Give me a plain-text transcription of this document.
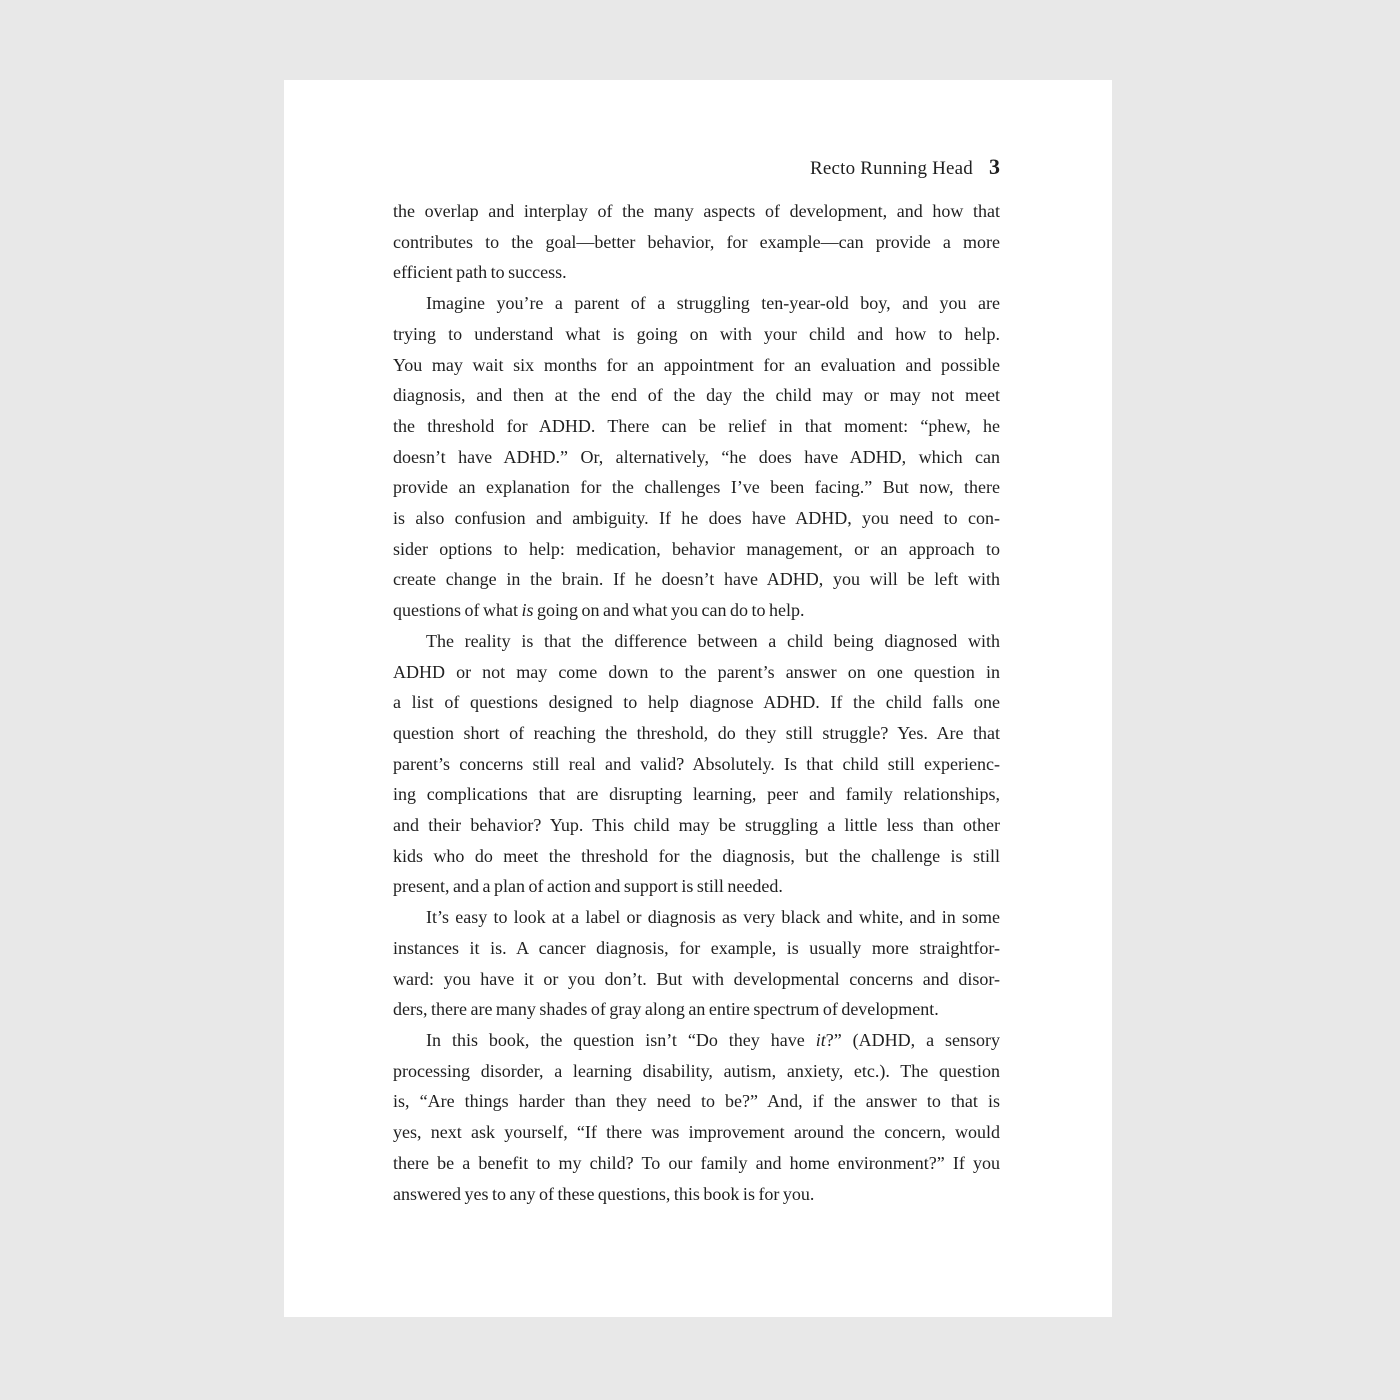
Recto Running Head 3
the overlap and interplay of the many aspects of development, and how that
contributes to the goal—better behavior, for example—can provide a more
efficient path to success.
Imagine you’re a parent of a struggling ten-year-old boy, and you are
trying to understand what is going on with your child and how to help.
You may wait six months for an appointment for an evaluation and possible
diagnosis, and then at the end of the day the child may or may not meet
the threshold for ADHD. There can be relief in that moment: “phew, he
doesn’t have ADHD.” Or, alternatively, “he does have ADHD, which can
provide an explanation for the challenges I’ve been facing.” But now, there
is also confusion and ambiguity. If he does have ADHD, you need to con-
sider options to help: medication, behavior management, or an approach to
create change in the brain. If he doesn’t have ADHD, you will be left with
questions of what is going on and what you can do to help.
The reality is that the difference between a child being diagnosed with
ADHD or not may come down to the parent’s answer on one question in
a list of questions designed to help diagnose ADHD. If the child falls one
question short of reaching the threshold, do they still struggle? Yes. Are that
parent’s concerns still real and valid? Absolutely. Is that child still experienc-
ing complications that are disrupting learning, peer and family relationships,
and their behavior? Yup. This child may be struggling a little less than other
kids who do meet the threshold for the diagnosis, but the challenge is still
present, and a plan of action and support is still needed.
It’s easy to look at a label or diagnosis as very black and white, and in some
instances it is. A cancer diagnosis, for example, is usually more straightfor-
ward: you have it or you don’t. But with developmental concerns and disor-
ders, there are many shades of gray along an entire spectrum of development.
In this book, the question isn’t “Do they have it?” (ADHD, a sensory
processing disorder, a learning disability, autism, anxiety, etc.). The question
is, “Are things harder than they need to be?” And, if the answer to that is
yes, next ask yourself, “If there was improvement around the concern, would
there be a benefit to my child? To our family and home environment?” If you
answered yes to any of these questions, this book is for you.
